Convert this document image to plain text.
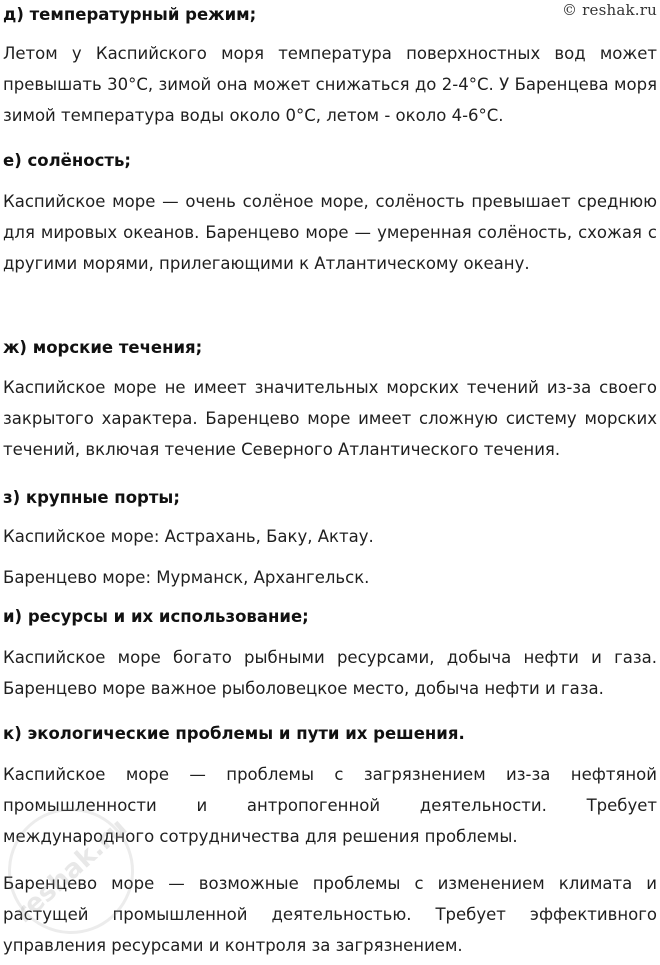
© reshak.ru
д) температурный режим;

Летом у Каспийского моря температура поверхностных вод может превышать 30°С, зимой она может снижаться до 2-4°С. У Баренцева моря зимой температура воды около 0°С, летом - около 4-6°С.

е) солёность;

Каспийское море — очень солёное море, солёность превышает среднюю для мировых океанов. Баренцево море — умеренная солёность, схожая с другими морями, прилегающими к Атлантическому океану.

ж) морские течения;

Каспийское море не имеет значительных морских течений из-за своего закрытого характера. Баренцево море имеет сложную систему морских течений, включая течение Северного Атлантического течения.

з) крупные порты;

Каспийское море: Астрахань, Баку, Актау.

Баренцево море: Мурманск, Архангельск.

и) ресурсы и их использование;

Каспийское море богато рыбными ресурсами, добыча нефти и газа. Баренцево море важное рыболовецкое место, добыча нефти и газа.

к) экологические проблемы и пути их решения.

Каспийское море — проблемы с загрязнением из-за нефтяной промышленности и антропогенной деятельности. Требует международного сотрудничества для решения проблемы.

Баренцево море — возможные проблемы с изменением климата и растущей промышленной деятельностью. Требует эффективного управления ресурсами и контроля за загрязнением.

reshak.ru
